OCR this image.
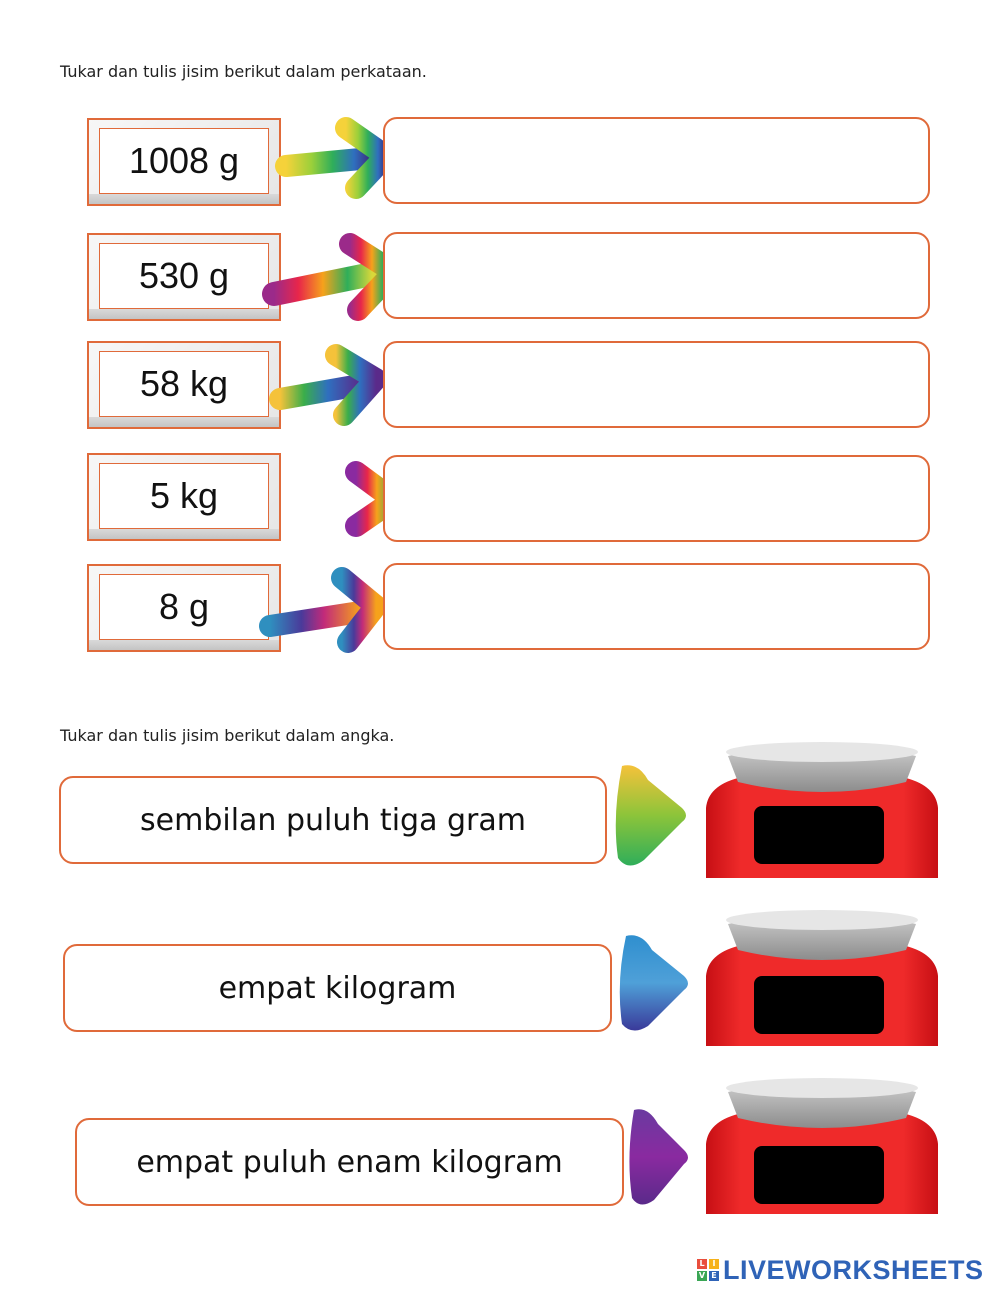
Tukar dan tulis jisim berikut dalam perkataan.
1008 g
530 g
58 kg
5 kg
8 g
Tukar dan tulis jisim berikut dalam angka.
sembilan puluh tiga gram
empat kilogram
empat puluh enam kilogram
L I
V E LIVEWORKSHEETS
